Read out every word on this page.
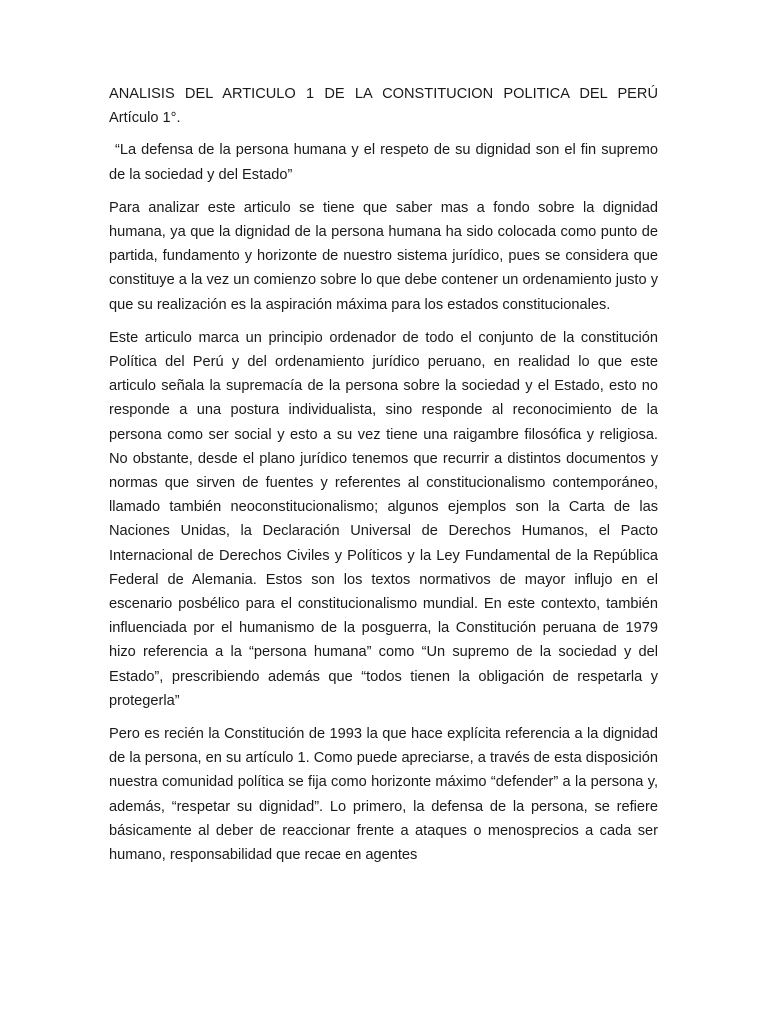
ANALISIS DEL ARTICULO 1 DE LA CONSTITUCION POLITICA DEL PERÚ
Artículo 1°.

“La defensa de la persona humana y el respeto de su dignidad son el fin supremo de la sociedad y del Estado”

Para analizar este articulo se tiene que saber mas a fondo sobre la dignidad humana, ya que la dignidad de la persona humana ha sido colocada como punto de partida, fundamento y horizonte de nuestro sistema jurídico, pues se considera que constituye a la vez un comienzo sobre lo que debe contener un ordenamiento justo y que su realización es la aspiración máxima para los estados constitucionales.

Este articulo marca un principio ordenador de todo el conjunto de la constitución Política del Perú y del ordenamiento jurídico peruano, en realidad lo que este articulo señala la supremacía de la persona sobre la sociedad y el Estado, esto no responde a una postura individualista, sino responde al reconocimiento de la persona como ser social y esto a su vez tiene una raigambre filosófica y religiosa. No obstante, desde el plano jurídico tenemos que recurrir a distintos documentos y normas que sirven de fuentes y referentes al constitucionalismo contemporáneo, llamado también neoconstitucionalismo; algunos ejemplos son la Carta de las Naciones Unidas, la Declaración Universal de Derechos Humanos, el Pacto Internacional de Derechos Civiles y Políticos y la Ley Fundamental de la República Federal de Alemania. Estos son los textos normativos de mayor influjo en el escenario posbélico para el constitucionalismo mundial. En este contexto, también influenciada por el humanismo de la posguerra, la Constitución peruana de 1979 hizo referencia a la “persona humana” como “Un supremo de la sociedad y del Estado”, prescribiendo además que “todos tienen la obligación de respetarla y protegerla”

Pero es recién la Constitución de 1993 la que hace explícita referencia a la dignidad de la persona, en su artículo 1. Como puede apreciarse, a través de esta disposición nuestra comunidad política se fija como horizonte máximo “defender” a la persona y, además, “respetar su dignidad”. Lo primero, la defensa de la persona, se refiere básicamente al deber de reaccionar frente a ataques o menosprecios a cada ser humano, responsabilidad que recae en agentes
